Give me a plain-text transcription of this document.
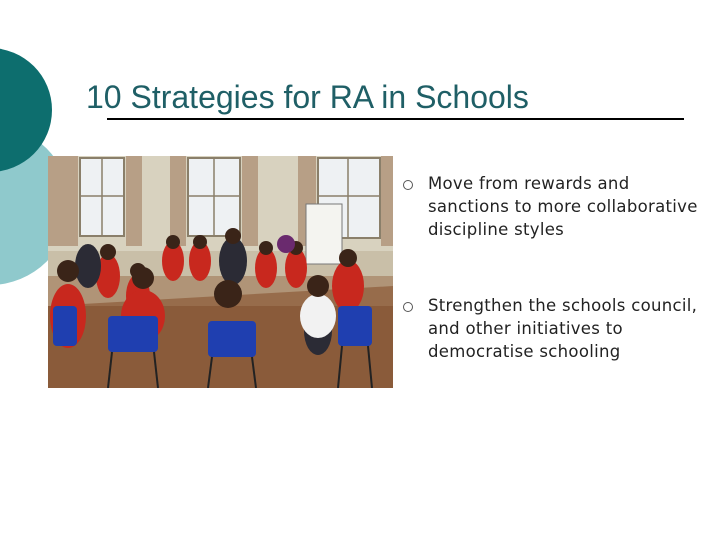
10 Strategies for RA in Schools
Move from rewards and sanctions to more collaborative discipline styles
Strengthen the schools council, and other initiatives to democratise schooling
